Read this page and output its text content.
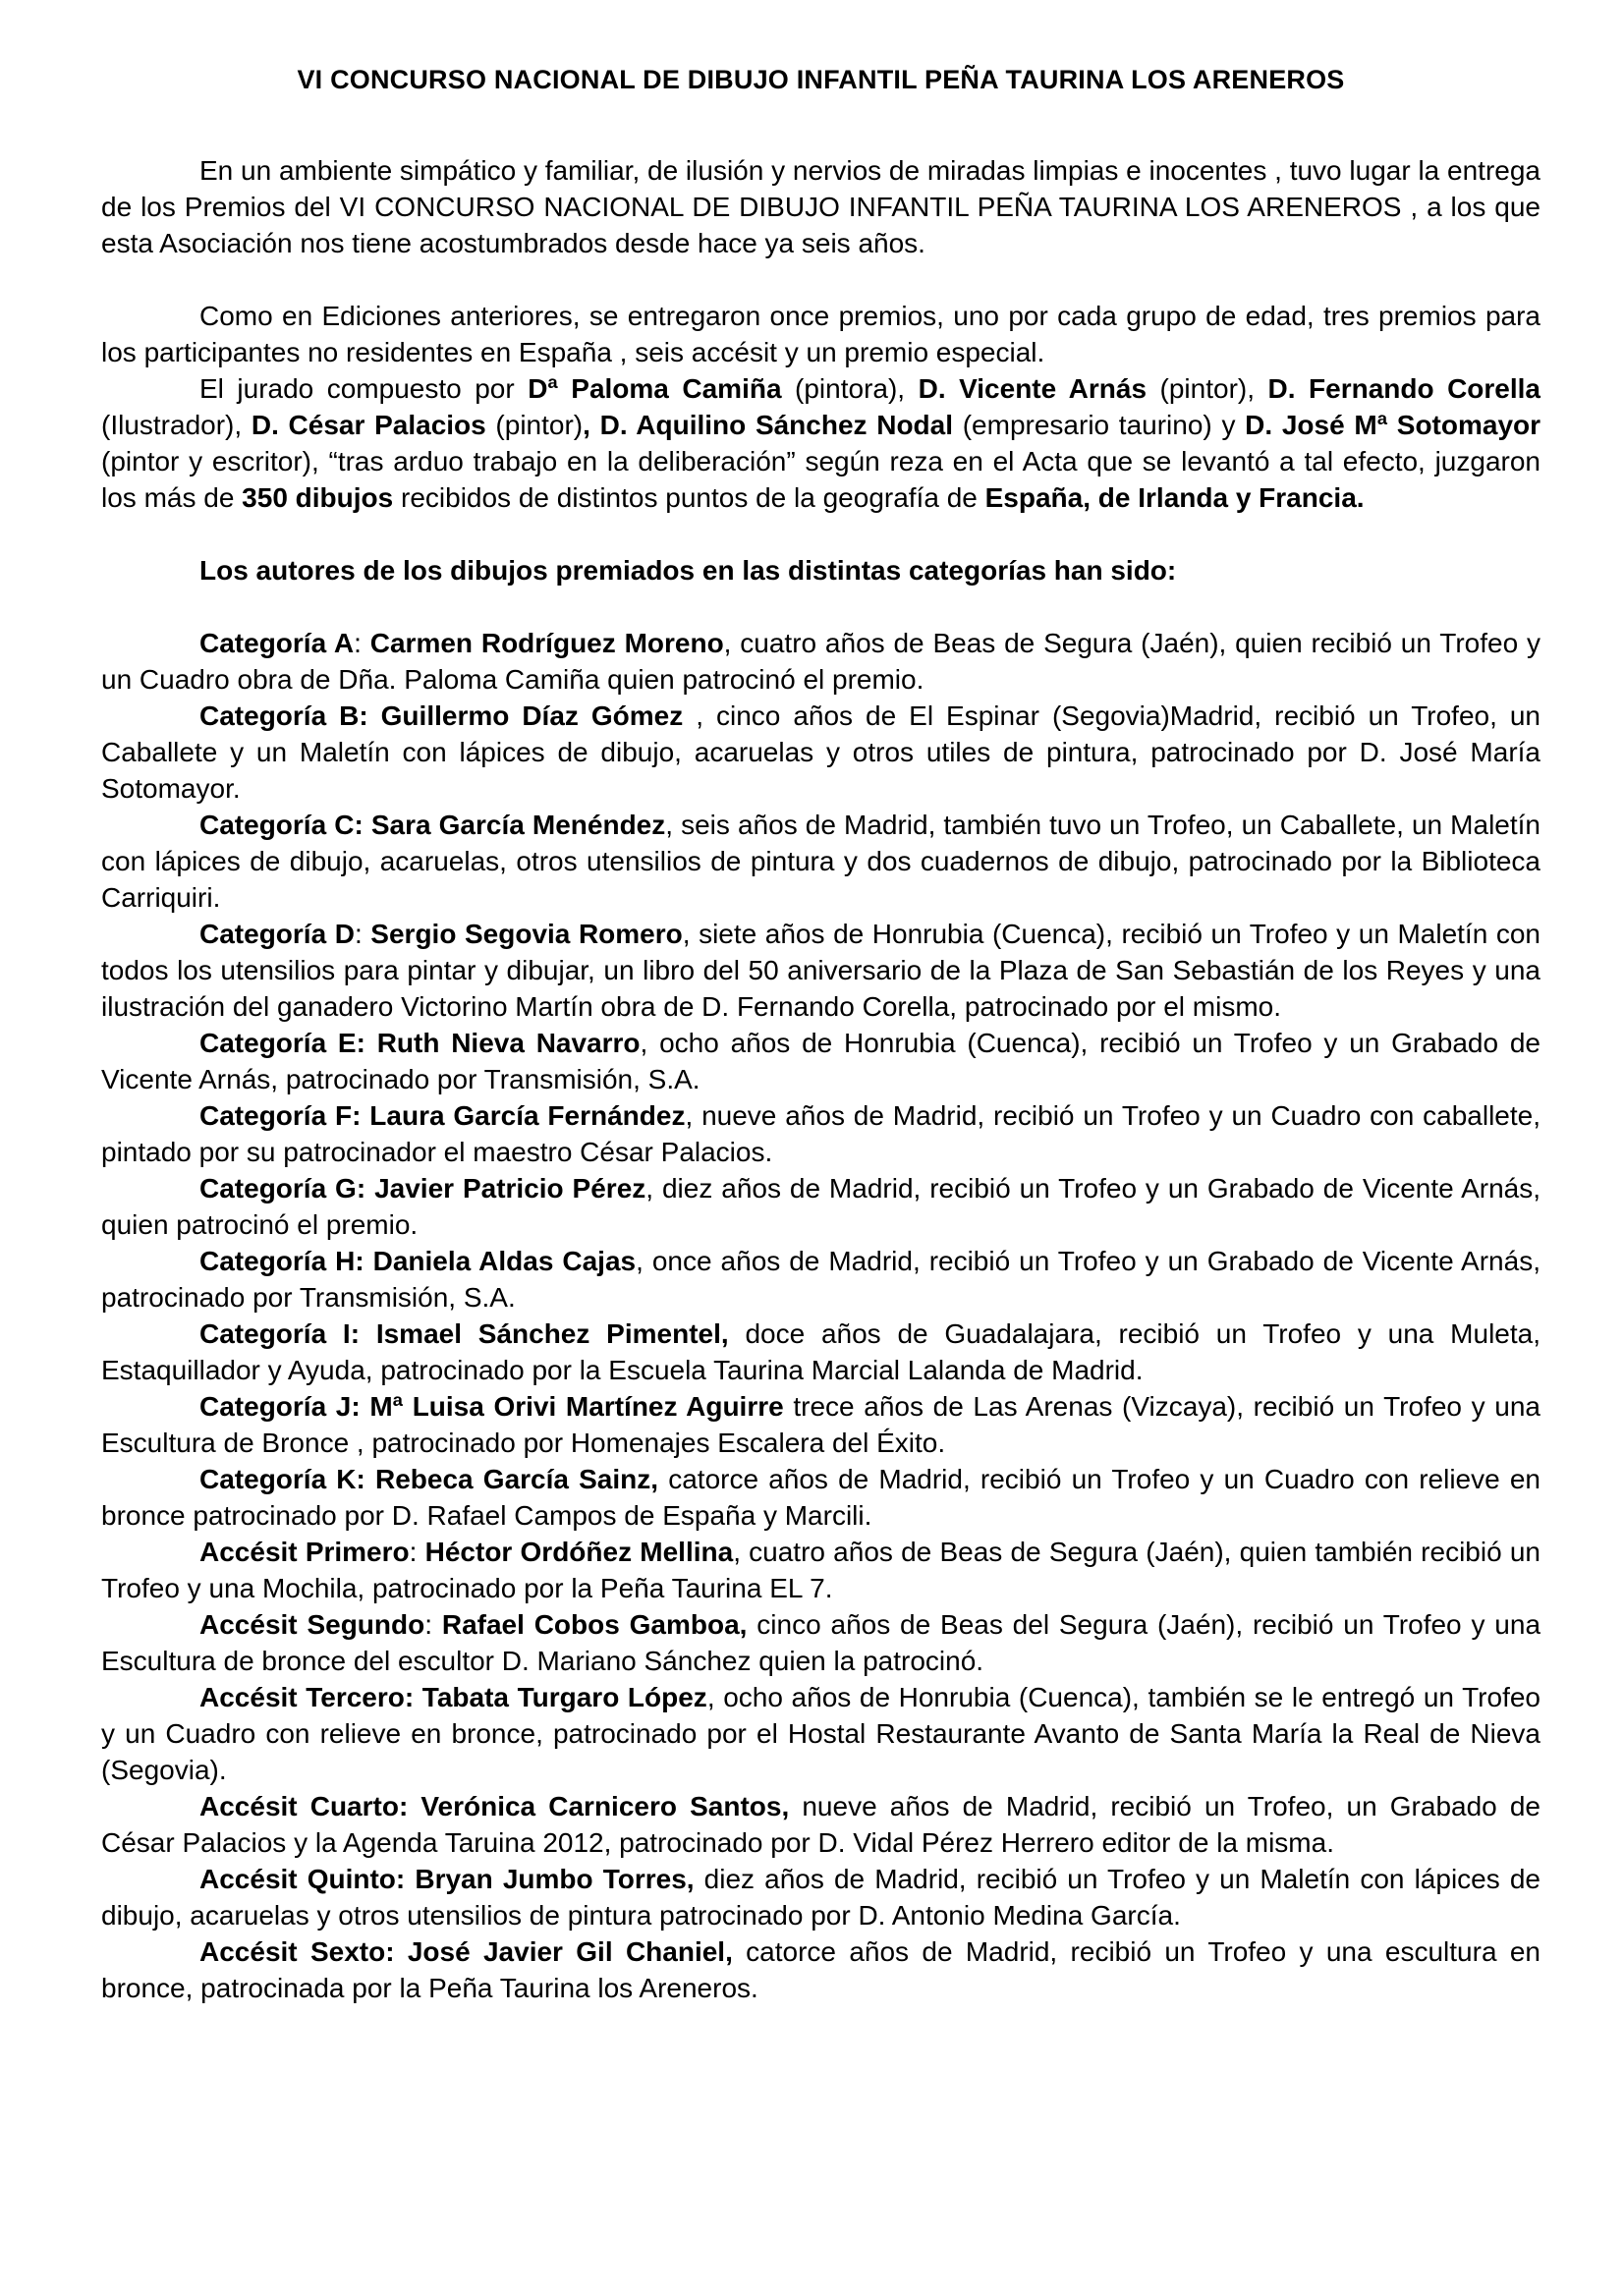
VI CONCURSO NACIONAL DE DIBUJO INFANTIL PEÑA TAURINA LOS ARENEROS

En un ambiente simpático y familiar, de ilusión y nervios de miradas limpias e inocentes , tuvo lugar la entrega de los Premios del VI CONCURSO NACIONAL DE DIBUJO INFANTIL PEÑA TAURINA LOS ARENEROS , a los que esta Asociación nos tiene acostumbrados desde hace ya seis años.

Como en Ediciones anteriores, se entregaron once premios, uno por cada grupo de edad, tres premios para los participantes no residentes en España , seis accésit y un premio especial.

El jurado compuesto por Dª Paloma Camiña (pintora), D. Vicente Arnás (pintor), D. Fernando Corella (Ilustrador), D. César Palacios (pintor), D. Aquilino Sánchez Nodal (empresario taurino) y D. José Mª Sotomayor (pintor y escritor), “tras arduo trabajo en la deliberación” según reza en el Acta que se levantó a tal efecto, juzgaron los más de 350 dibujos recibidos de distintos puntos de la geografía de España, de Irlanda y Francia.

Los autores de los dibujos premiados en las distintas categorías han sido:

Categoría A: Carmen Rodríguez Moreno, cuatro años de Beas de Segura (Jaén), quien recibió un Trofeo y un Cuadro obra de Dña. Paloma Camiña quien patrocinó el premio.

Categoría B: Guillermo Díaz Gómez , cinco años de El Espinar (Segovia)Madrid, recibió un Trofeo, un Caballete y un Maletín con lápices de dibujo, acaruelas y otros utiles de pintura, patrocinado por D. José María Sotomayor.

Categoría C: Sara García Menéndez, seis años de Madrid, también tuvo un Trofeo, un Caballete, un Maletín con lápices de dibujo, acaruelas, otros utensilios de pintura y dos cuadernos de dibujo, patrocinado por la Biblioteca Carriquiri.

Categoría D: Sergio Segovia Romero, siete años de Honrubia (Cuenca), recibió un Trofeo y un Maletín con todos los utensilios para pintar y dibujar, un libro del 50 aniversario de la Plaza de San Sebastián de los Reyes y una ilustración del ganadero Victorino Martín obra de D. Fernando Corella, patrocinado por el mismo.

Categoría E: Ruth Nieva Navarro, ocho años de Honrubia (Cuenca), recibió un Trofeo y un Grabado de Vicente Arnás, patrocinado por Transmisión, S.A.

Categoría F: Laura García Fernández, nueve años de Madrid, recibió un Trofeo y un Cuadro con caballete, pintado por su patrocinador el maestro César Palacios.

Categoría G: Javier Patricio Pérez, diez años de Madrid, recibió un Trofeo y un Grabado de Vicente Arnás, quien patrocinó el premio.

Categoría H: Daniela Aldas Cajas, once años de Madrid, recibió un Trofeo y un Grabado de Vicente Arnás, patrocinado por Transmisión, S.A.

Categoría I: Ismael Sánchez Pimentel, doce años de Guadalajara, recibió un Trofeo y una Muleta, Estaquillador y Ayuda, patrocinado por la Escuela Taurina Marcial Lalanda de Madrid.

Categoría J: Mª Luisa Orivi Martínez Aguirre trece años de Las Arenas (Vizcaya), recibió un Trofeo y una Escultura de Bronce , patrocinado por Homenajes Escalera del Éxito.

Categoría K: Rebeca García Sainz, catorce años de Madrid, recibió un Trofeo y un Cuadro con relieve en bronce patrocinado por D. Rafael Campos de España y Marcili.

Accésit Primero: Héctor Ordóñez Mellina, cuatro años de Beas de Segura (Jaén), quien también recibió un Trofeo y una Mochila, patrocinado por la Peña Taurina EL 7.

Accésit Segundo: Rafael Cobos Gamboa, cinco años de Beas del Segura (Jaén), recibió un Trofeo y una Escultura de bronce del escultor D. Mariano Sánchez quien la patrocinó.

Accésit Tercero: Tabata Turgaro López, ocho años de Honrubia (Cuenca), también se le entregó un Trofeo y un Cuadro con relieve en bronce, patrocinado por el Hostal Restaurante Avanto de Santa María la Real de Nieva (Segovia).

Accésit Cuarto: Verónica Carnicero Santos, nueve años de Madrid, recibió un Trofeo, un Grabado de César Palacios y la Agenda Taruina 2012, patrocinado por D. Vidal Pérez Herrero editor de la misma.

Accésit Quinto: Bryan Jumbo Torres, diez años de Madrid, recibió un Trofeo y un Maletín con lápices de dibujo, acaruelas y otros utensilios de pintura patrocinado por D. Antonio Medina García.

Accésit Sexto: José Javier Gil Chaniel, catorce años de Madrid, recibió un Trofeo y una escultura en bronce, patrocinada por la Peña Taurina los Areneros.
